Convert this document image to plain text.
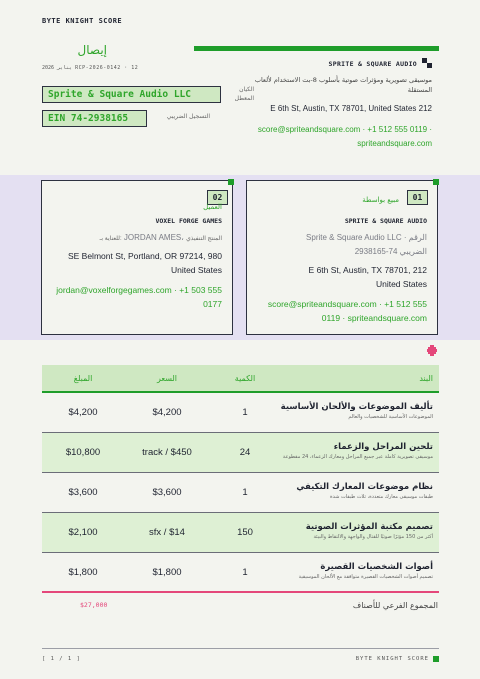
BYTE KNIGHT SCORE
إيصال
2026 يناير RCP-2026-0142 · 12	SPRITE & SQUARE AUDIO
موسيقى تصويرية ومؤثرات صوتية بأسلوب 8-بت الاستخدام لألعاب المستقلة
Sprite & Square Audio LLC	الكيان المعطل
EIN 74-2938165	التسجيل الضريبي
E 6th St, Austin, TX 78701, United States 212
score@spriteandsquare.com · +1 512 555 0119 · spriteandsquare.com
01
مبيع بواسطة
SPRITE & SQUARE AUDIO
Sprite & Square Audio LLC · الرقم
الضريبي 74-2938165
E 6th St, Austin, TX 78701, 212
United States
score@spriteandsquare.com · +1 512 555 0119 · spriteandsquare.com
02
العميل
VOXEL FORGE GAMES
للعناية بـ: JORDAN AMES، المنتج التنفيذي
SE Belmont St, Portland, OR 97214, 980
United States
jordan@voxelforgegames.com · +1 503 555 0177
المبلغ	السعر	الكمية	البند
$4,200	$4,200	1	تأليف الموضوعات والألحان الأساسية
الموضوعات الأساسية للشخصيات والعالم

$10,800	track / $450	24	تلحين المراحل والزعماء
موسيقى تصويرية كاملة عبر جميع المراحل ومعارك الزعماء، 24 مقطوعة

$3,600	$3,600	1	نظام موضوعات المعارك التكيفي
طبقات موسيقى معارك متعددة، ثلاث طبقات شدة

$2,100	sfx / $14	150	تصميم مكتبة المؤثرات الصوتية
أكثر من 150 مؤثرًا صوتيًا للقتال والواجهة والالتقاط والبيئة

$1,800	$1,800	1	أصوات الشخصيات القصيرة
تصميم أصوات الشخصيات القصيرة متوافقة مع الألحان الموسيقية
المجموع الفرعي للأصناف
$27,000
[ 1 / 1 ]	BYTE KNIGHT SCORE
